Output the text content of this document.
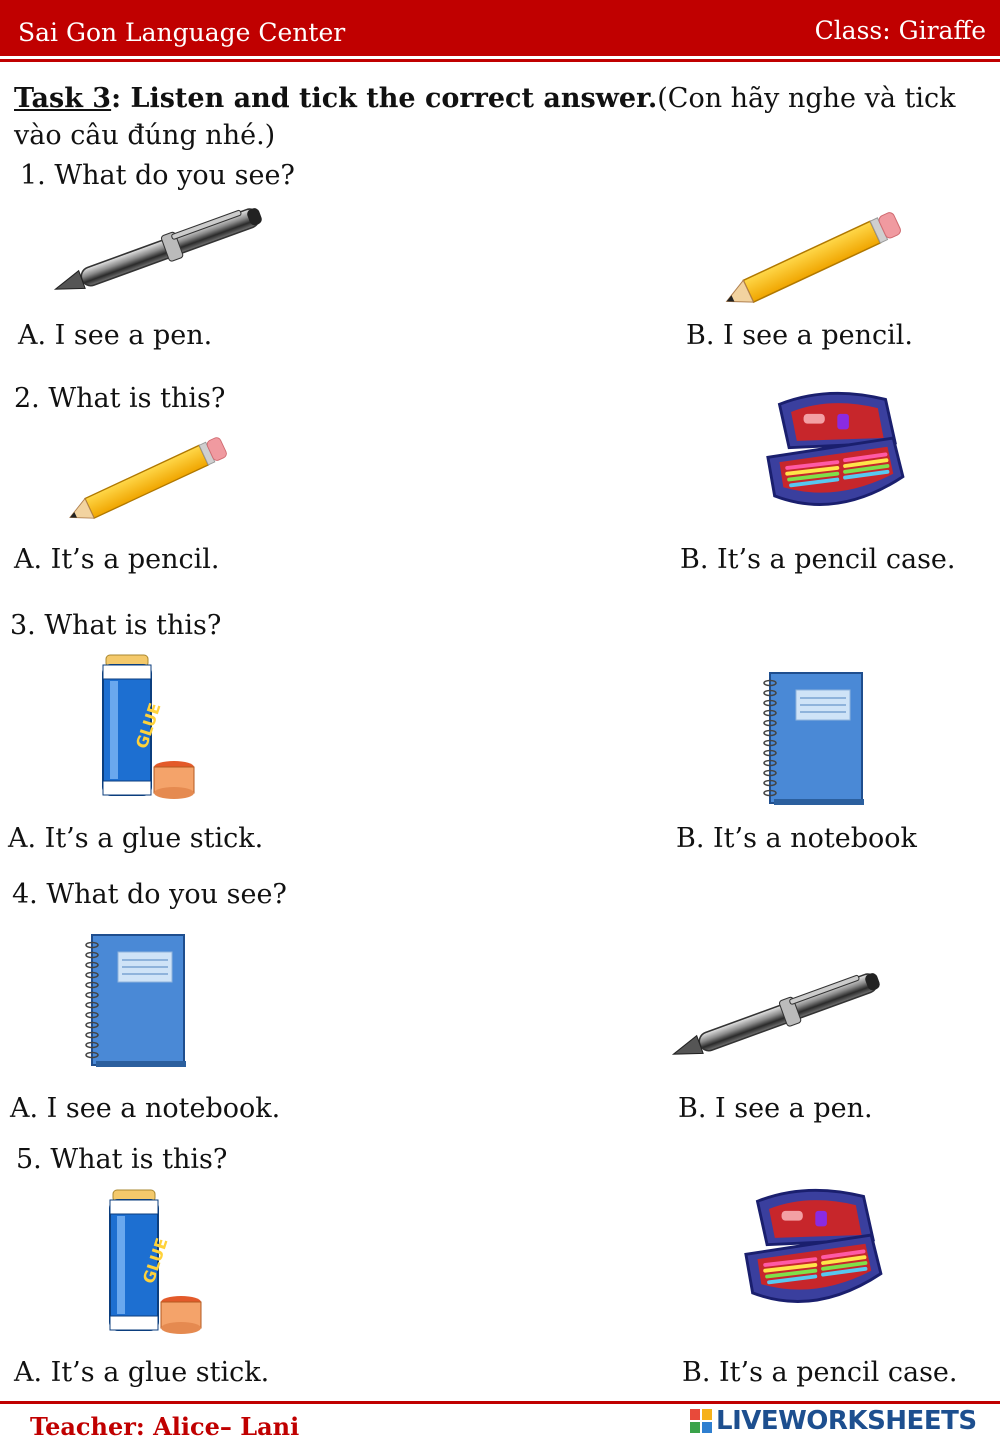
Sai Gon Language Center	Class: Giraffe
Task 3: Listen and tick the correct answer.(Con hãy nghe và tick vào câu đúng nhé.)
1. What do you see?
A. I see a pen.	B. I see a pencil.
2. What is this?
A. It’s a pencil.	B. It’s a pencil case.
3. What is this?
A. It’s a glue stick.	B. It’s a notebook
4. What do you see?
A. I see a notebook.	B. I see a pen.
5. What is this?
A. It’s a glue stick.	B. It’s a pencil case.
Teacher: Alice– Lani	LIVEWORKSHEETS
